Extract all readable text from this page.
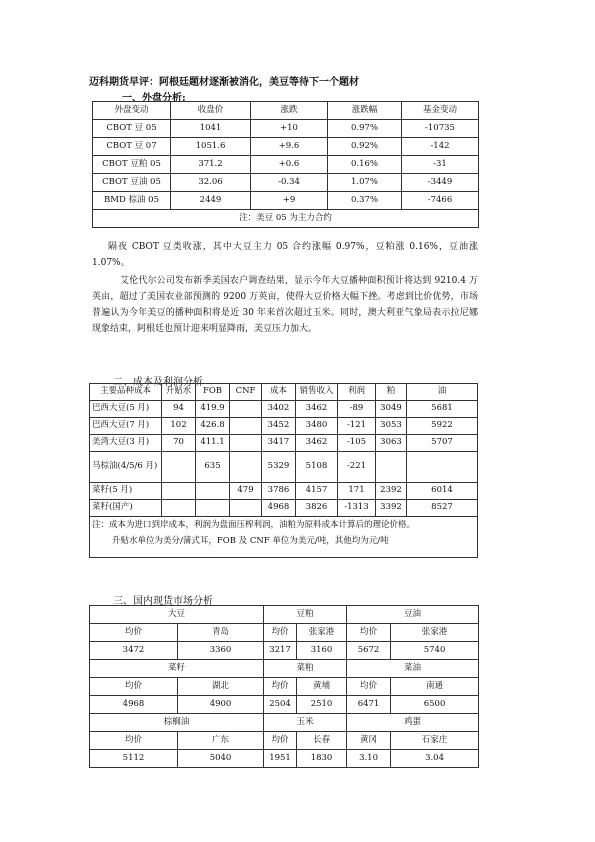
迈科期货早评：阿根廷题材逐渐被消化，美豆等待下一个题材
一、外盘分析:
外盘变动	收盘价	涨跌	涨跌幅	基金变动
CBOT 豆 05	1041	+10	0.97%	-10735
CBOT 豆 07	1051.6	+9.6	0.92%	-142
CBOT 豆粕 05	371.2	+0.6	0.16%	-31
CBOT 豆油 05	32.06	-0.34	1.07%	-3449
BMD 棕油 05	2449	+9	0.37%	-7466
注：美豆 05 为主力合约				
隔夜 CBOT 豆类收涨，其中大豆主力 05 合约涨幅 0.97%，豆粕涨 0.16%，豆油涨 1.07%。
艾伦代尔公司发布新季美国农户调查结果，显示今年大豆播种面积预计将达到 9210.4 万英亩，超过了美国农业部预测的 9200 万英亩，使得大豆价格大幅下挫。考虑到比价优势，市场普遍认为今年美豆的播种面积将是近 30 年来首次超过玉米。同时，澳大利亚气象局表示拉尼娜现象结束，阿根廷也预计迎来明显降雨，美豆压力加大。
二、成本及利润分析
主要品种成本	升贴水	FOB	CNF	成本	销售收入	利润	粕	油
巴西大豆(5 月)	94	419.9		3402	3462	-89	3049	5681
巴西大豆(7 月)	102	426.8		3452	3480	-121	3053	5922
美湾大豆(3 月)	70	411.1		3417	3462	-105	3063	5707
马棕油(4/5/6 月)		635		5329	5108	-221		
菜籽(5 月)			479	3786	4157	171	2392	6014
菜籽(国产)				4968	3826	-1313	3392	8527

注：成本为进口到岸成本，利润为盘面压榨利润，油粕为原料成本计算后的理论价格。
升贴水单位为美分/蒲式耳，FOB 及 CNF 单位为美元/吨，其他均为元/吨								
三、国内现货市场分析
大豆		豆粕		豆油	
均价	青岛	均价	张家港	均价	张家港
3472	3360	3217	3160	5672	5740
菜籽		菜粕		菜油	
均价	湖北	均价	黄埔	均价	南通
4968	4900	2504	2510	6471	6500
棕榈油		玉米		鸡蛋	
均价	广东	均价	长春	黄冈	石家庄
5112	5040	1951	1830	3.10	3.04
